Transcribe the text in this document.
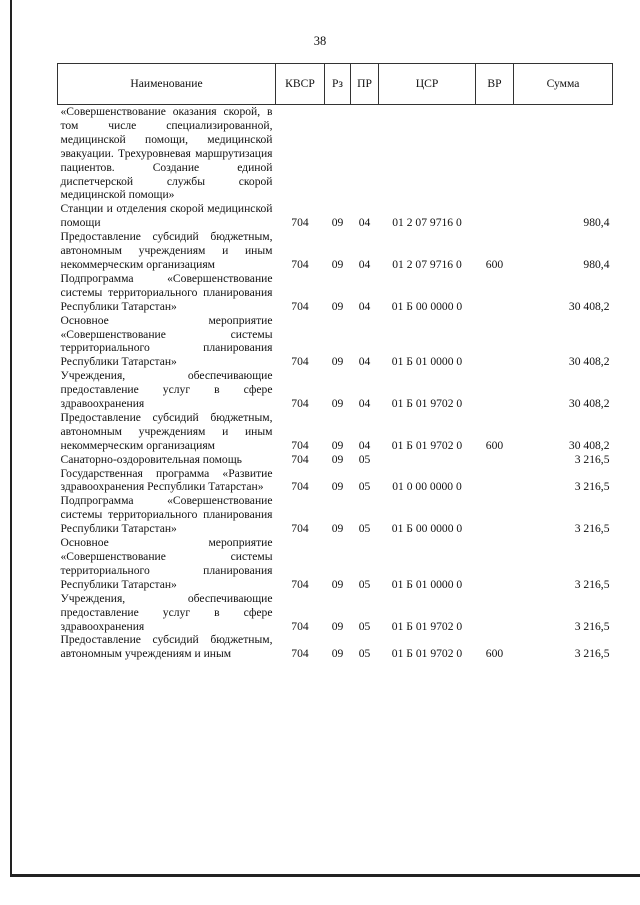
38
Наименование	КВСР	Рз	ПР	ЦСР	ВР	Сумма
«Совершенствование оказания скорой, в том числе специализированной, медицинской помощи, медицинской эвакуации. Трехуровневая маршрутизация пациентов. Создание единой диспетчерской службы скорой медицинской помощи»						
Станции и отделения скорой медицинской помощи	704	09	04	01 2 07 9716 0		980,4
Предоставление субсидий бюджетным, автономным учреждениям и иным некоммерческим организациям	704	09	04	01 2 07 9716 0	600	980,4
Подпрограмма «Совершенствование системы территориального планирования Республики Татарстан»	704	09	04	01 Б 00 0000 0		30 408,2
Основное мероприятие «Совершенствование системы территориального планирования Республики Татарстан»	704	09	04	01 Б 01 0000 0		30 408,2
Учреждения, обеспечивающие предоставление услуг в сфере здравоохранения	704	09	04	01 Б 01 9702 0		30 408,2
Предоставление субсидий бюджетным, автономным учреждениям и иным некоммерческим организациям	704	09	04	01 Б 01 9702 0	600	30 408,2
Санаторно-оздоровительная помощь	704	09	05			3 216,5
Государственная программа «Развитие здравоохранения Республики Татарстан»	704	09	05	01 0 00 0000 0		3 216,5
Подпрограмма «Совершенствование системы территориального планирования Республики Татарстан»	704	09	05	01 Б 00 0000 0		3 216,5
Основное мероприятие «Совершенствование системы территориального планирования Республики Татарстан»	704	09	05	01 Б 01 0000 0		3 216,5
Учреждения, обеспечивающие предоставление услуг в сфере здравоохранения	704	09	05	01 Б 01 9702 0		3 216,5
Предоставление субсидий бюджетным, автономным учреждениям и иным	704	09	05	01 Б 01 9702 0	600	3 216,5
